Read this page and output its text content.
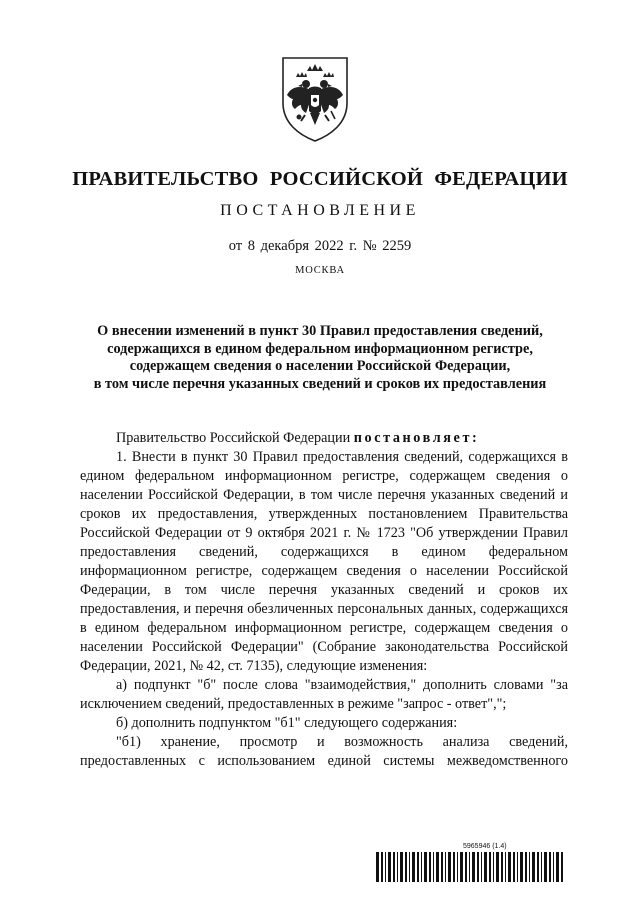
ПРАВИТЕЛЬСТВО РОССИЙСКОЙ ФЕДЕРАЦИИ
ПОСТАНОВЛЕНИЕ
от 8 декабря 2022 г. № 2259
МОСКВА
О внесении изменений в пункт 30 Правил предоставления сведений,
содержащихся в едином федеральном информационном регистре,
содержащем сведения о населении Российской Федерации,
в том числе перечня указанных сведений и сроков их предоставления

Правительство Российской Федерации постановляет:

1. Внести в пункт 30 Правил предоставления сведений, содержащихся в едином федеральном информационном регистре, содержащем сведения о населении Российской Федерации, в том числе перечня указанных сведений и сроков их предоставления, утвержденных постановлением Правительства Российской Федерации от 9 октября 2021 г. № 1723 "Об утверждении Правил предоставления сведений, содержащихся в едином федеральном информационном регистре, содержащем сведения о населении Российской Федерации, в том числе перечня указанных сведений и сроков их предоставления, и перечня обезличенных персональных данных, содержащихся в едином федеральном информационном регистре, содержащем сведения о населении Российской Федерации" (Собрание законодательства Российской Федерации, 2021, № 42, ст. 7135), следующие изменения:

а) подпункт "б" после слова "взаимодействия," дополнить словами "за исключением сведений, предоставленных в режиме "запрос - ответ",";

б) дополнить подпунктом "б1" следующего содержания:

"б1) хранение, просмотр и возможность анализа сведений, предоставленных с использованием единой системы межведомственного

5965946 (1.4)
